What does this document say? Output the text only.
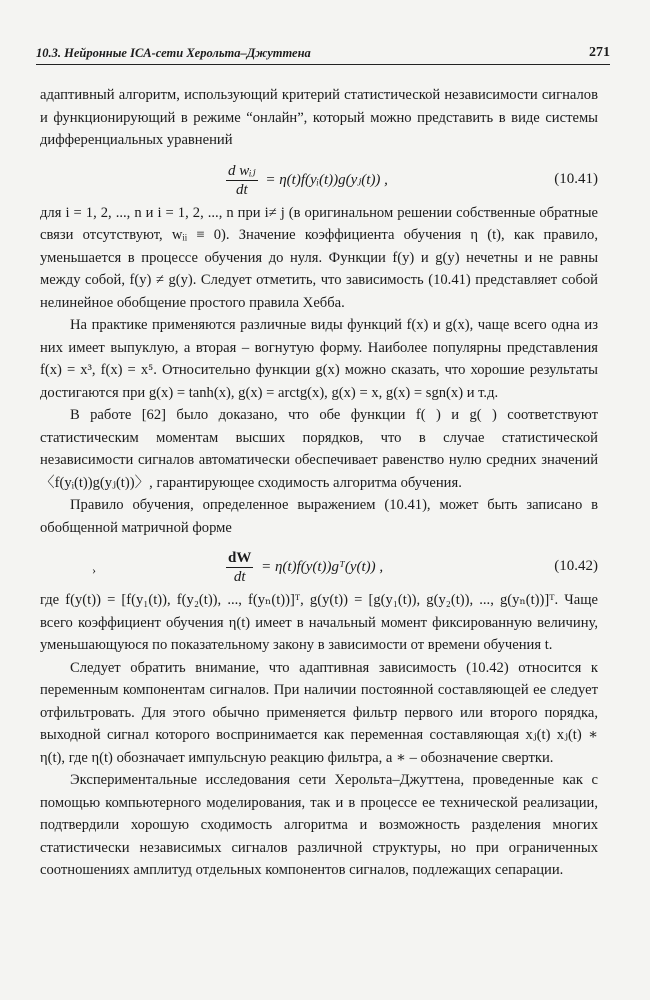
10.3. Нейронные ICA-сети Херольта–Джуттена	271

адаптивный алгоритм, использующий критерий статистической независимости сигналов и функционирующий в режиме “онлайн”, который можно представить в виде системы дифференциальных уравнений

$\frac{\text{d wᵢⱼ}}{dt}$ = η(t)f(yᵢ(t))g(yⱼ(t)) ,	(10.41)

для i = 1, 2, ..., n и i = 1, 2, ..., n при i≠ j (в оригинальном решении собственные обратные связи отсутствуют, wᵢᵢ ≡ 0). Значение коэффициента обучения η (t), как правило, уменьшается в процессе обучения до нуля. Функции f(y) и g(y) нечетны и не равны между собой, f(y) ≠ g(y). Следует отметить, что зависимость (10.41) представляет собой нелинейное обобщение простого правила Хебба.

На практике применяются различные виды функций f(x) и g(x), чаще всего одна из них имеет выпуклую, а вторая – вогнутую форму. Наиболее популярны представления f(x) = x³, f(x) = x⁵. Относительно функции g(x) можно сказать, что хорошие результаты достигаются при g(x) = tanh(x), g(x) = arctg(x), g(x) = x, g(x) = sgn(x) и т.д.

В работе [62] было доказано, что обе функции f( ) и g( ) соответствуют статистическим моментам высших порядков, что в случае статистической независимости сигналов автоматически обеспечивает равенство нулю средних значений 〈f(yᵢ(t))g(yⱼ(t))〉, гарантирующее сходимость алгоритма обучения.

Правило обучения, определенное выражением (10.41), может быть записано в обобщенной матричной форме

›	$\frac{dW}{dt}$ = η(t)f(y(t))gᵀ(y(t)) ,	(10.42)

где f(y(t)) = [f(y₁(t)), f(y₂(t)), ..., f(yₙ(t))]ᵀ, g(y(t)) = [g(y₁(t)), g(y₂(t)), ..., g(yₙ(t))]ᵀ. Чаще всего коэффициент обучения η(t) имеет в начальный момент фиксированную величину, уменьшающуюся по показательному закону в зависимости от времени обучения t.

Следует обратить внимание, что адаптивная зависимость (10.42) относится к переменным компонентам сигналов. При наличии постоянной составляющей ее следует отфильтровать. Для этого обычно применяется фильтр первого или второго порядка, выходной сигнал которого воспринимается как переменная составляющая xⱼ(t) xⱼ(t) ∗ η(t), где η(t) обозначает импульсную реакцию фильтра, а ∗ – обозначение свертки.

Экспериментальные исследования сети Херольта–Джуттена, проведенные как с помощью компьютерного моделирования, так и в процессе ее технической реализации, подтвердили хорошую сходимость алгоритма и возможность разделения многих статистически независимых сигналов различной структуры, но при ограниченных соотношениях амплитуд отдельных компонентов сигналов, подлежащих сепарации.
